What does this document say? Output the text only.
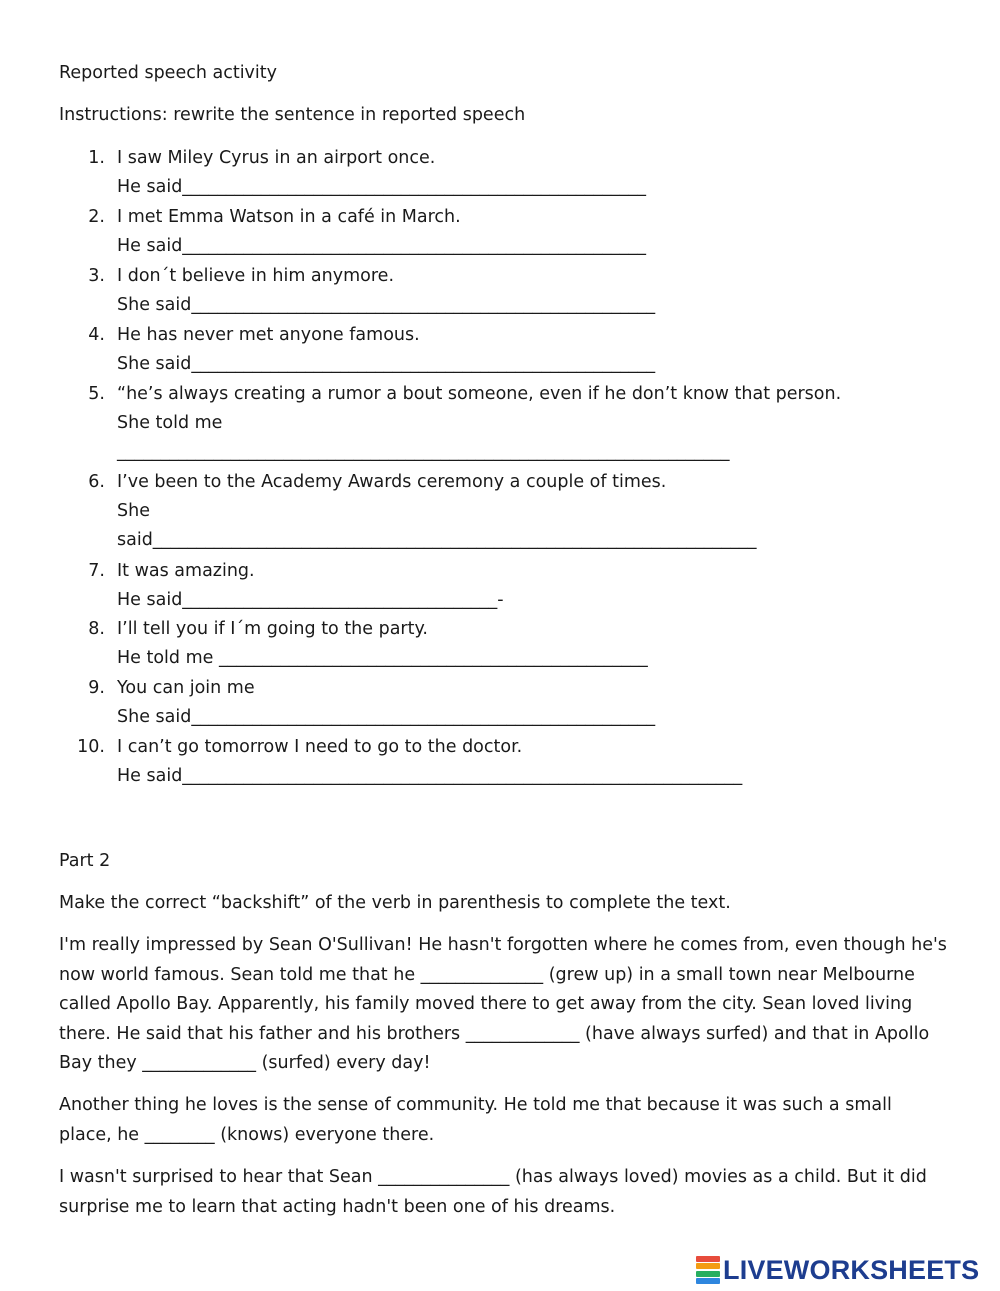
Reported speech activity
Instructions: rewrite the sentence in reported speech
1. I saw Miley Cyrus in an airport once.
He said_____________________________________________________
2. I met Emma Watson in a café in March.
He said_____________________________________________________
3. I don´t believe in him anymore.
She said_____________________________________________________
4. He has never met anyone famous.
She said_____________________________________________________
5. “he’s always creating a rumor a bout someone, even if he don’t know that person.
She told me
______________________________________________________________________
6. I’ve been to the Academy Awards ceremony a couple of times.
She
said_____________________________________________________________________
7. It was amazing.
He said____________________________________-
8. I’ll tell you if I´m going to the party.
He told me _________________________________________________
9. You can join me
She said_____________________________________________________
10. I can’t go tomorrow I need to go to the doctor.
He said________________________________________________________________
Part 2
Make the correct “backshift” of the verb in parenthesis to complete the text.
I'm really impressed by Sean O'Sullivan! He hasn't forgotten where he comes from, even though he's now world famous. Sean told me that he ______________ (grew up) in a small town near Melbourne called Apollo Bay. Apparently, his family moved there to get away from the city. Sean loved living there. He said that his father and his brothers _____________ (have always surfed) and that in Apollo Bay they _____________ (surfed) every day!
Another thing he loves is the sense of community. He told me that because it was such a small place, he ________ (knows) everyone there.
I wasn't surprised to hear that Sean _______________ (has always loved) movies as a child. But it did surprise me to learn that acting hadn't been one of his dreams.
LIVEWORKSHEETS
